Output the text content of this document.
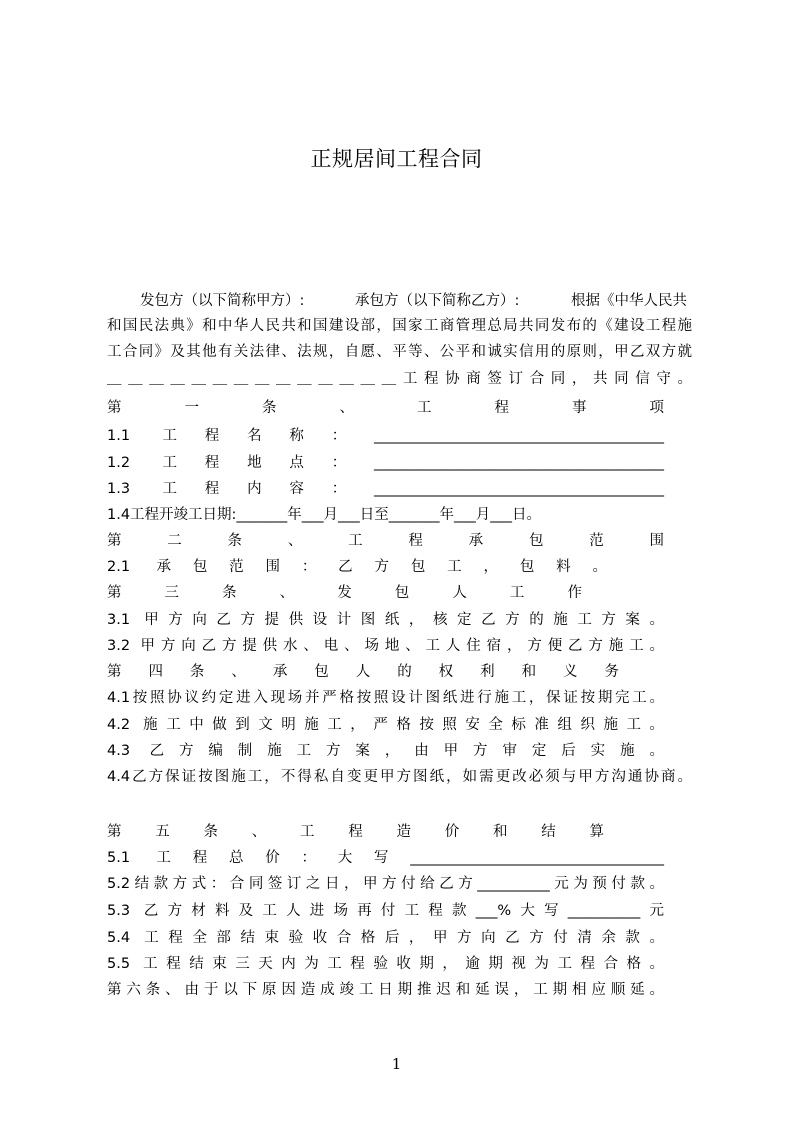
正规居间工程合同
发包方（以下简称甲方）:	承包方（以下简称乙方）:	根据《中华人民共
和国民法典》和中华人民共和国建设部，国家工商管理总局共同发布的《建设工程施
工合同》及其他有关法律、法规，自愿、平等、公平和诚实信用的原则，甲乙双方就
＿＿＿＿＿＿＿＿＿＿＿＿＿＿工程协商签订合同，共同信守。
第一条、工程事项
1.1 工程名称：________________________________________
1.2 工程地点：________________________________________
1.3 工程内容：________________________________________
1.4工程开竣工日期:_______年___月___日至_______年___月___日。
第二条、工程承包范围
2.1 承包范围：乙方包工，包料。
第三条、发包人工作
3.1 甲方向乙方提供设计图纸，核定乙方的施工方案。
3.2 甲方向乙方提供水、电、场地、工人住宿，方便乙方施工。
第四条、承包人的权利和义务
4.1按照协议约定进入现场并严格按照设计图纸进行施工，保证按期完工。
4.2 施工中做到文明施工，严格按照安全标准组织施工。
4.3 乙方编制施工方案，由甲方审定后实施。
4.4乙方保证按图施工，不得私自变更甲方图纸，如需更改必须与甲方沟通协商。
第五条、工程造价和结算
5.1 工程总价：大写___________________________________
5.2结款方式：合同签订之日，甲方付给乙方__________元为预付款。
5.3 乙方材料及工人进场再付工程款___%大写__________元
5.4 工程全部结束验收合格后，甲方向乙方付清余款。
5.5 工程结束三天内为工程验收期，逾期视为工程合格。
第六条、由于以下原因造成竣工日期推迟和延误，工期相应顺延。
1
